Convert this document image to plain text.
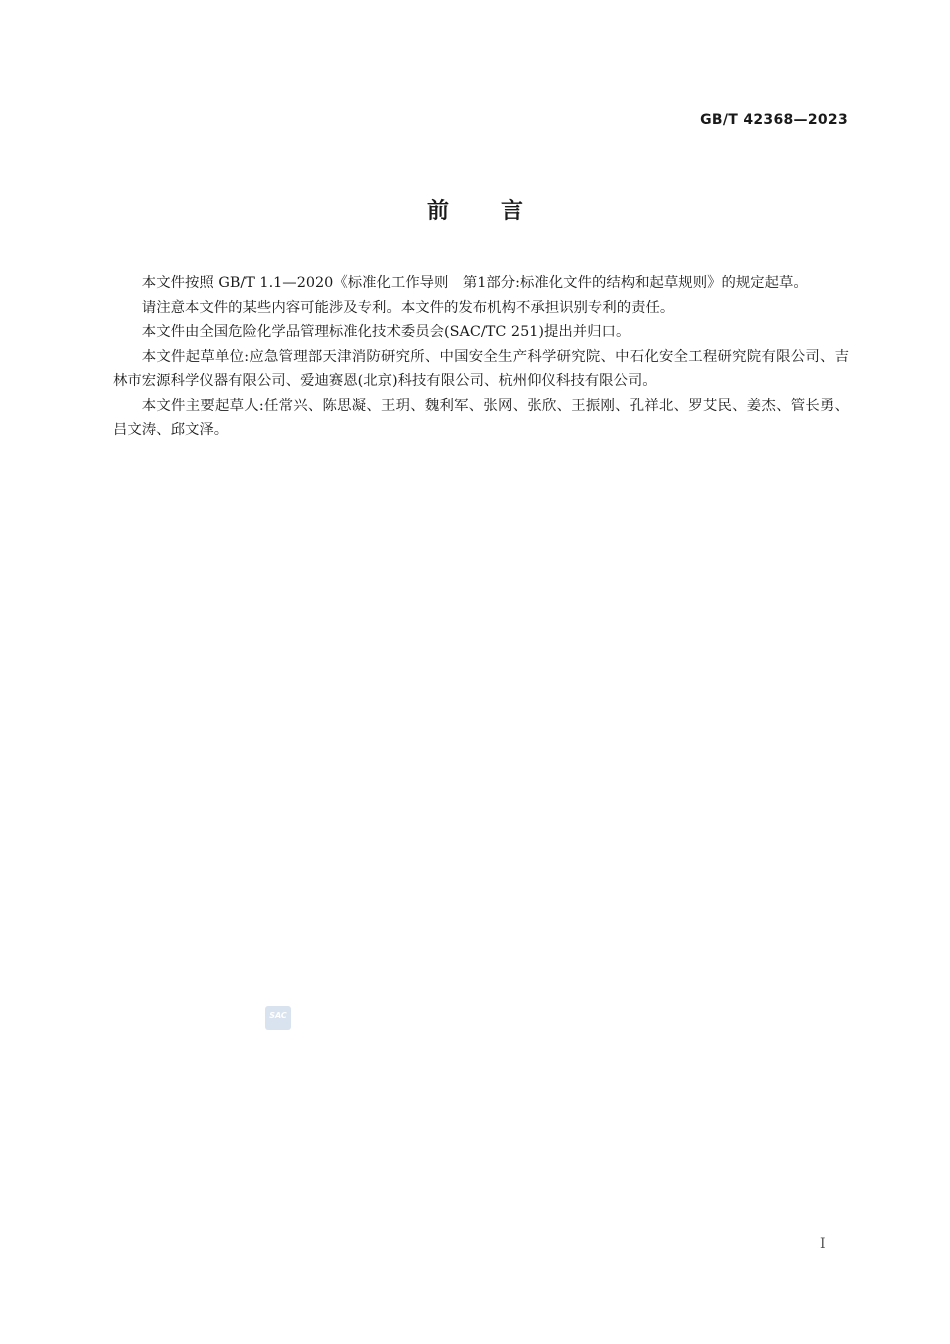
GB/T 42368—2023
前言

本文件按照 GB/T 1.1—2020《标准化工作导则　第1部分:标准化文件的结构和起草规则》的规定起草。

请注意本文件的某些内容可能涉及专利。本文件的发布机构不承担识别专利的责任。

本文件由全国危险化学品管理标准化技术委员会(SAC/TC 251)提出并归口。

本文件起草单位:应急管理部天津消防研究所、中国安全生产科学研究院、中石化安全工程研究院有限公司、吉林市宏源科学仪器有限公司、爱迪赛恩(北京)科技有限公司、杭州仰仪科技有限公司。

本文件主要起草人:任常兴、陈思凝、王玥、魏利军、张网、张欣、王振刚、孔祥北、罗艾民、姜杰、管长勇、吕文涛、邱文泽。

SAC
I
